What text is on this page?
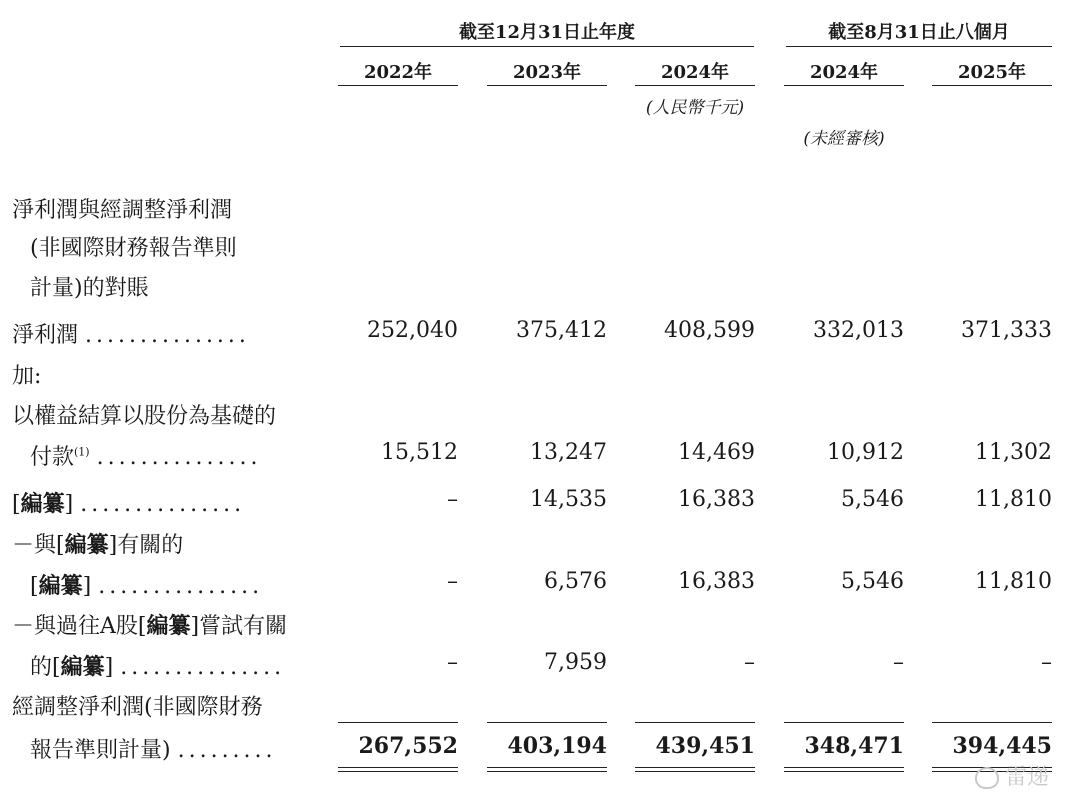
截至12月31日止年度	截至8月31日止八個月
2022年	2023年	2024年	2024年	2025年
(人民幣千元)
(未經審核)
淨利潤與經調整淨利潤
(非國際財務報告準則
計量)的對賬
淨利潤 ...............	252,040	375,412	408,599	332,013	371,333
加:
以權益結算以股份為基礎的
付款$^{(1)}$ ...............	15,512	13,247	14,469	10,912	11,302
[編纂] ...............	–	14,535	16,383	5,546	11,810
－與[編纂]有關的
[編纂] ...............	–	6,576	16,383	5,546	11,810
－與過往A股[編纂]嘗試有關
的[編纂] ...............	–	7,959	–	–	–
經調整淨利潤(非國際財務
報告準則計量) .........	267,552	403,194	439,451	348,471	394,445
雷递
